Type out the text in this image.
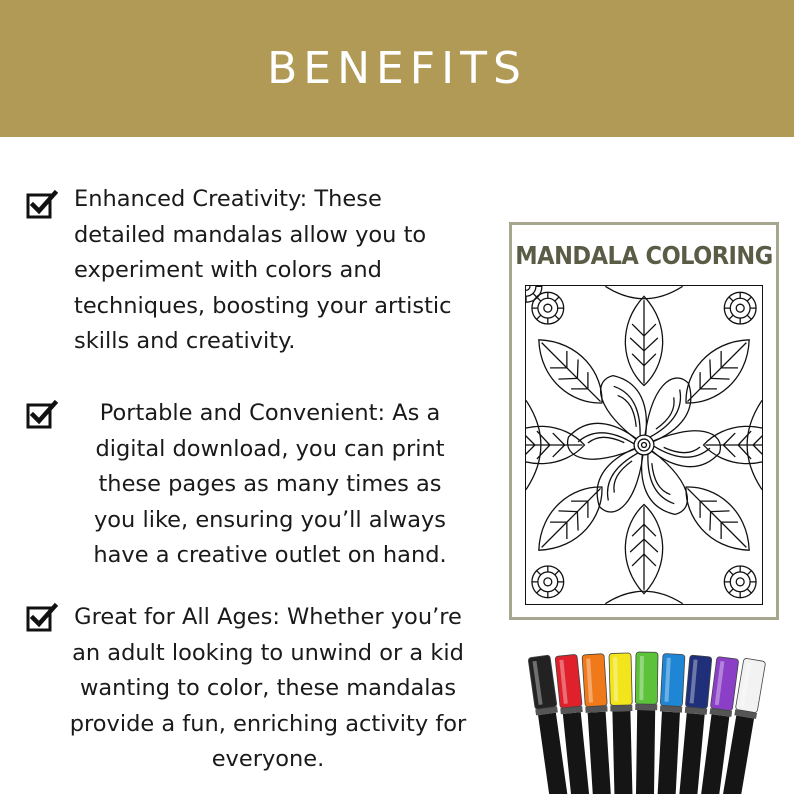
BENEFITS
Enhanced Creativity: These
detailed mandalas allow you to
experiment with colors and
techniques, boosting your artistic
skills and creativity.
Portable and Convenient: As a
digital download, you can print
these pages as many times as
you like, ensuring you’ll always
have a creative outlet on hand.
Great for All Ages: Whether you’re
an adult looking to unwind or a kid
wanting to color, these mandalas
provide a fun, enriching activity for
everyone.
MANDALA COLORING
